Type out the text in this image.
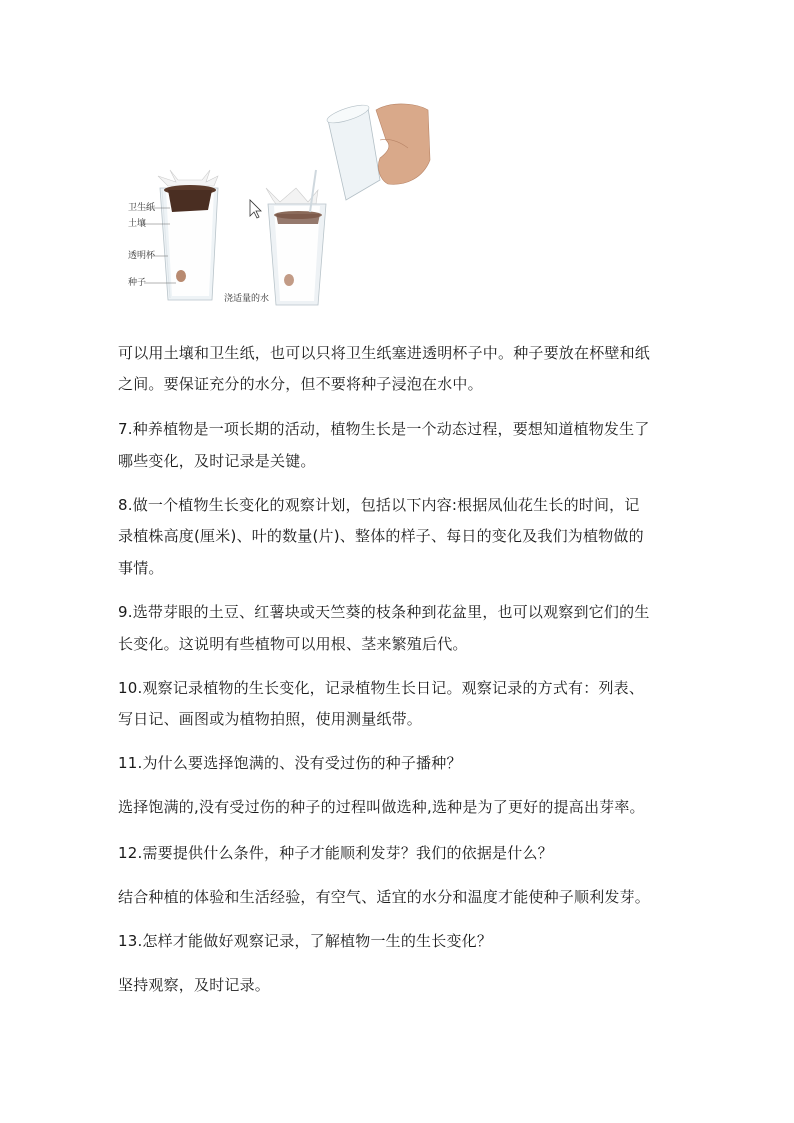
卫生纸
土壤
透明杯
种子
浇适量的水

可以用土壤和卫生纸，也可以只将卫生纸塞进透明杯子中。种子要放在杯壁和纸

之间。要保证充分的水分，但不要将种子浸泡在水中。

7.种养植物是一项长期的活动，植物生长是一个动态过程，要想知道植物发生了

哪些变化，及时记录是关键。

8.做一个植物生长变化的观察计划，包括以下内容:根据凤仙花生长的时间，记

录植株高度(厘米)、叶的数量(片)、整体的样子、每日的变化及我们为植物做的

事情。

9.选带芽眼的土豆、红薯块或天竺葵的枝条种到花盆里，也可以观察到它们的生

长变化。这说明有些植物可以用根、茎来繁殖后代。

10.观察记录植物的生长变化，记录植物生长日记。观察记录的方式有：列表、

写日记、画图或为植物拍照，使用测量纸带。

11.为什么要选择饱满的、没有受过伤的种子播种？

选择饱满的,没有受过伤的种子的过程叫做选种,选种是为了更好的提高出芽率。

12.需要提供什么条件，种子才能顺利发芽？我们的依据是什么？

结合种植的体验和生活经验，有空气、适宜的水分和温度才能使种子顺利发芽。

13.怎样才能做好观察记录，了解植物一生的生长变化？

坚持观察，及时记录。
